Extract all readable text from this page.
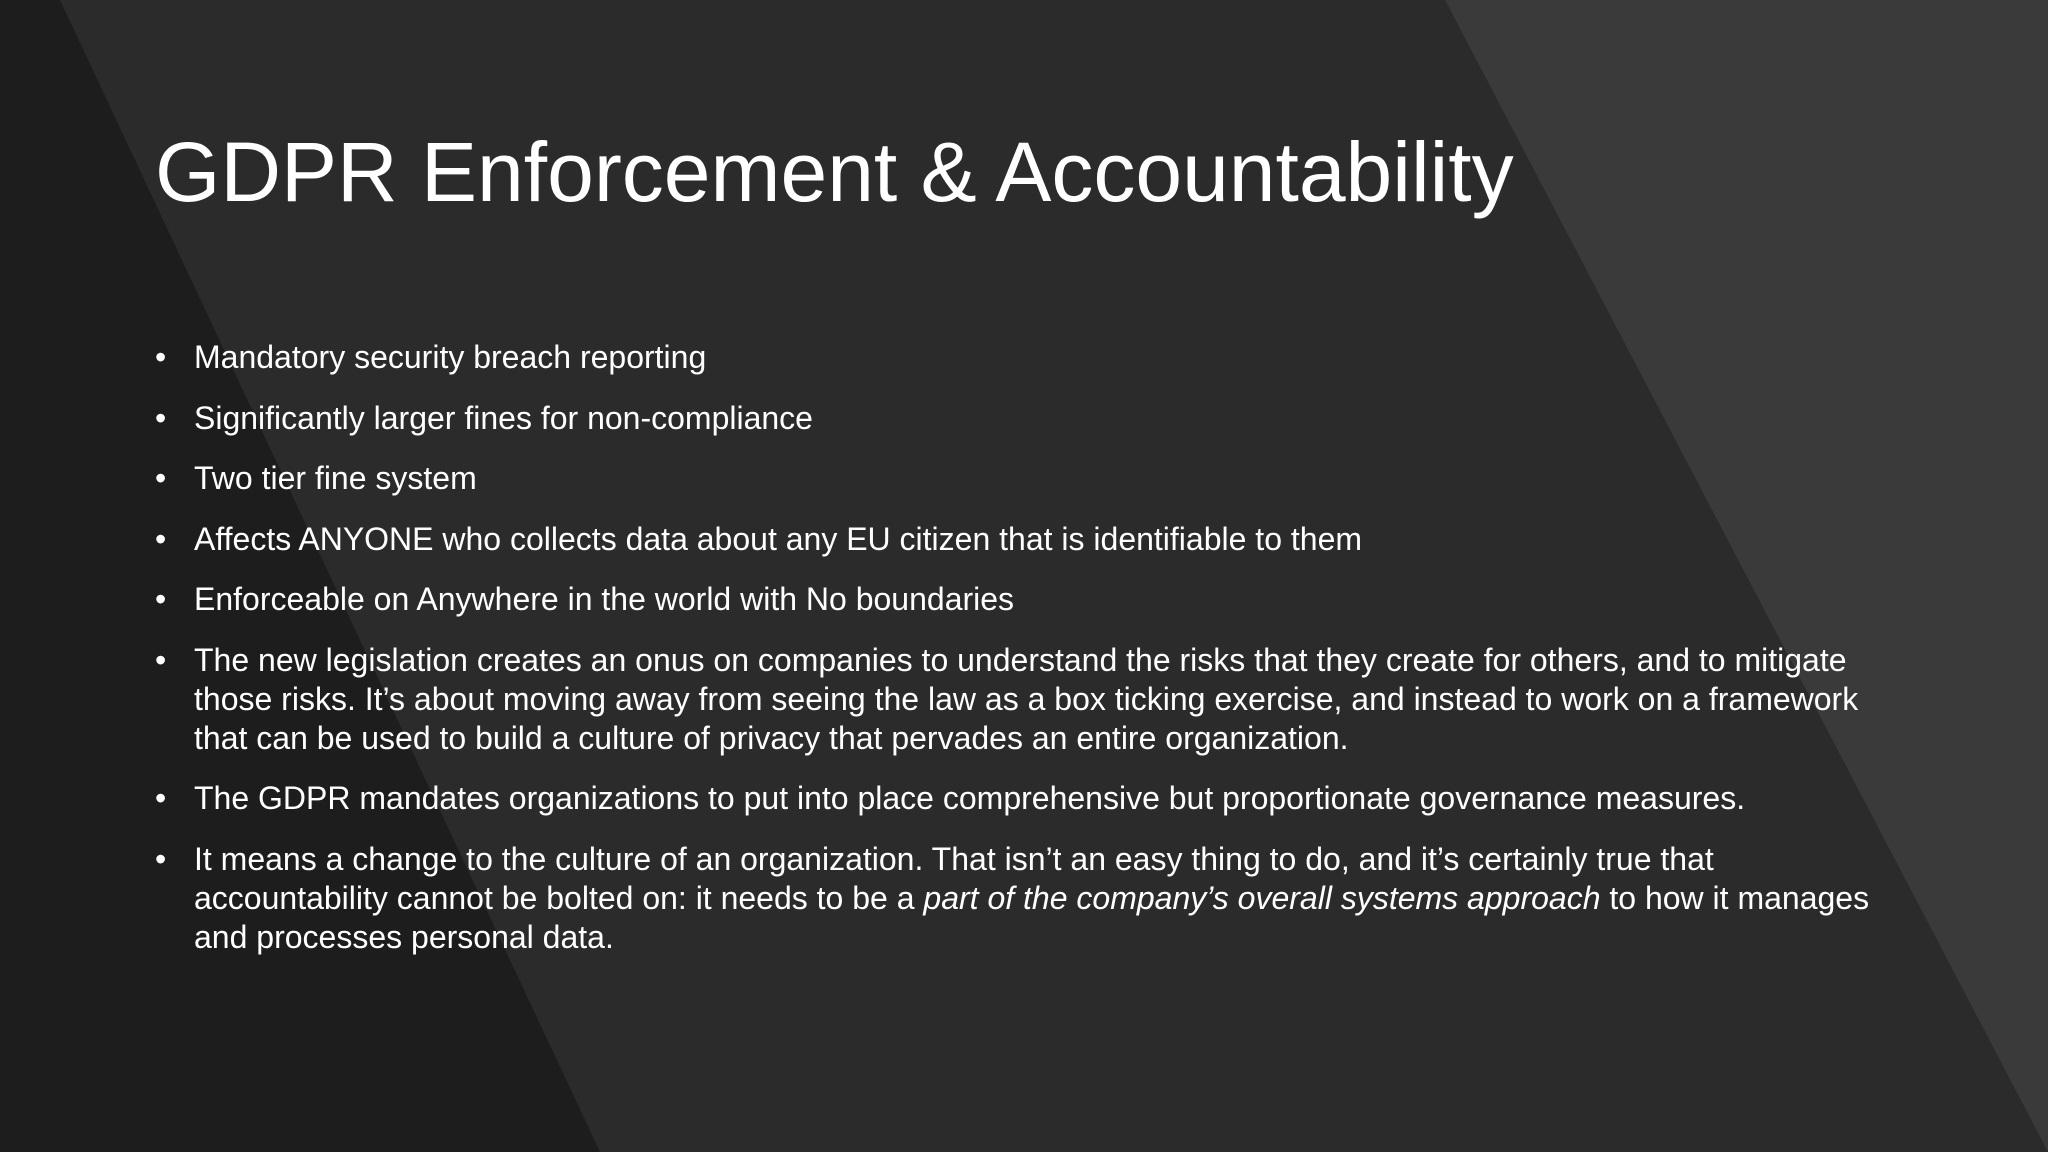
GDPR Enforcement & Accountability
• Mandatory security breach reporting
• Significantly larger fines for non-compliance
• Two tier fine system
• Affects ANYONE who collects data about any EU citizen that is identifiable to them
• Enforceable on Anywhere in the world with No boundaries
• The new legislation creates an onus on companies to understand the risks that they create for others, and to mitigate those risks. It’s about moving away from seeing the law as a box ticking exercise, and instead to work on a framework that can be used to build a culture of privacy that pervades an entire organization.
• The GDPR mandates organizations to put into place comprehensive but proportionate governance measures.
• It means a change to the culture of an organization. That isn’t an easy thing to do, and it’s certainly true that accountability cannot be bolted on: it needs to be a part of the company’s overall systems approach to how it manages and processes personal data.
